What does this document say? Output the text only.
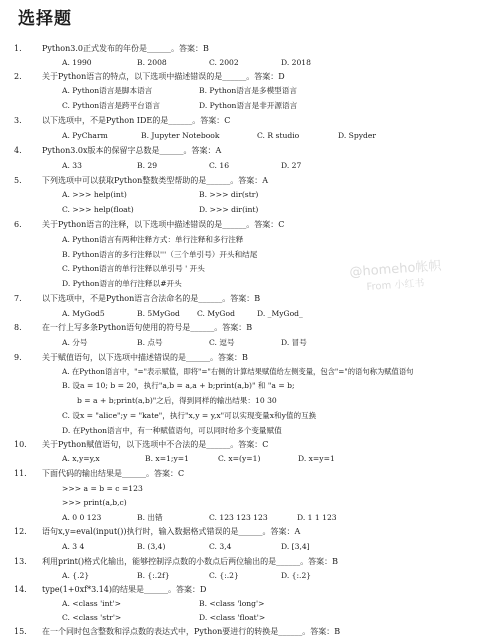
选择题
1.	Python3.0正式发布的年份是______。答案：B
A. 1990	B. 2008	C. 2002	D. 2018
2.	关于Python语言的特点，以下选项中描述错误的是______。答案：D
A. Python语言是脚本语言	B. Python语言是多模型语言
C. Python语言是跨平台语言	D. Python语言是非开源语言
3.	以下选项中，不是Python IDE的是______。答案：C
A. PyCharm	B. Jupyter Notebook	C. R studio	D. Spyder
4.	Python3.0x版本的保留字总数是______。答案：A
A. 33	B. 29	C. 16	D. 27
5.	下列选项中可以获取Python整数类型帮助的是______。答案：A
A. >>> help(int)	B. >>> dir(str)
C. >>> help(float)	D. >>> dir(int)
6.	关于Python语言的注释，以下选项中描述错误的是______。答案：C
A. Python语言有两种注释方式：单行注释和多行注释
B. Python语言的多行注释以'''（三个单引号）开头和结尾
C. Python语言的单行注释以单引号 ' 开头
D. Python语言的单行注释以#开头
7.	以下选项中，不是Python语言合法命名的是______。答案：B
A. MyGod5	B. 5MyGod C. MyGod	D. _MyGod_
8.	在一行上写多条Python语句使用的符号是______。答案：B
A. 分号	B. 点号	C. 逗号	D. 冒号
9.	关于赋值语句，以下选项中描述错误的是______。答案：B
A. 在Python语言中，"="表示赋值，即将"="右侧的计算结果赋值给左侧变量，包含"="的语句称为赋值语句
B. 设a = 10; b = 20，执行"a,b = a,a + b;print(a,b)" 和 "a = b;
b = a + b;print(a,b)"之后，得到同样的输出结果：10 30
C. 设x = "alice";y = "kate"，执行"x,y = y,x"可以实现变量x和y值的互换
D. 在Python语言中，有一种赋值语句，可以同时给多个变量赋值
10.	关于Python赋值语句，以下选项中不合法的是______。答案：C
A. x,y=y,x	B. x=1;y=1	C. x=(y=1)	D. x=y=1
11.	下面代码的输出结果是______。答案：C
>>> a = b = c =123
>>> print(a,b,c)
A. 0 0 123	B. 出错	C. 123 123 123	D. 1 1 123
12.	语句x,y=eval(input())执行时，输入数据格式错误的是______。答案：A
A. 3 4	B. (3,4)	C. 3,4	D. [3,4]
13.	利用print()格式化输出，能够控制浮点数的小数点后两位输出的是______。答案：B
A. {.2}	B. {:.2f}	C. {:.2}	D. {:.2}
14.	type(1+0xf*3.14)的结果是______。答案：D
A. <class 'int'>	B. <class 'long'>
C. <class 'str'>	D. <class 'float'>
15.	在一个同时包含整数和浮点数的表达式中，Python要进行的转换是______。答案：B
@homeho帐帜
From 小红书
